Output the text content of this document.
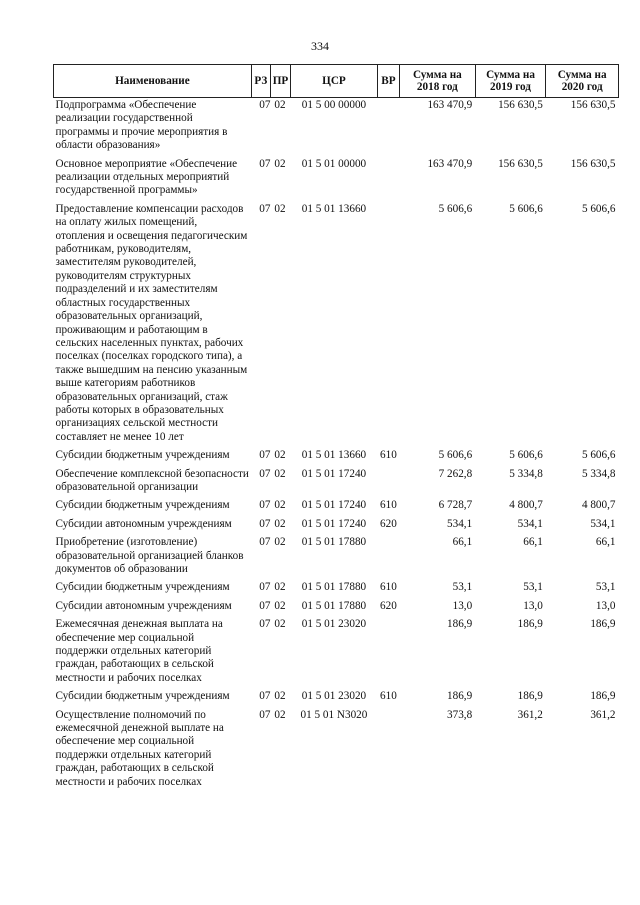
334
Наименование	РЗ	ПР	ЦСР	ВР	Сумма на 2018 год	Сумма на 2019 год	Сумма на 2020 год
Подпрограмма «Обеспечение реализации государственной программы и прочие мероприятия в области образования»	07	02	01 5 00 00000		163 470,9	156 630,5	156 630,5
Основное мероприятие «Обеспечение реализации отдельных мероприятий государственной программы»	07	02	01 5 01 00000		163 470,9	156 630,5	156 630,5
Предоставление компенсации расходов на оплату жилых помещений, отопления и освещения педагогическим работникам, руководителям, заместителям руководителей, руководителям структурных подразделений и их заместителям областных государственных образовательных организаций, проживающим и работающим в сельских населенных пунктах, рабочих поселках (поселках городского типа), а также вышедшим на пенсию указанным выше категориям работников образовательных организаций, стаж работы которых в образовательных организациях сельской местности составляет не менее 10 лет	07	02	01 5 01 13660		5 606,6	5 606,6	5 606,6
Субсидии бюджетным учреждениям	07	02	01 5 01 13660	610	5 606,6	5 606,6	5 606,6
Обеспечение комплексной безопасности образовательной организации	07	02	01 5 01 17240		7 262,8	5 334,8	5 334,8
Субсидии бюджетным учреждениям	07	02	01 5 01 17240	610	6 728,7	4 800,7	4 800,7
Субсидии автономным учреждениям	07	02	01 5 01 17240	620	534,1	534,1	534,1
Приобретение (изготовление) образовательной организацией бланков документов об образовании	07	02	01 5 01 17880		66,1	66,1	66,1
Субсидии бюджетным учреждениям	07	02	01 5 01 17880	610	53,1	53,1	53,1
Субсидии автономным учреждениям	07	02	01 5 01 17880	620	13,0	13,0	13,0
Ежемесячная денежная выплата на обеспечение мер социальной поддержки отдельных категорий граждан, работающих в сельской местности и рабочих поселках	07	02	01 5 01 23020		186,9	186,9	186,9
Субсидии бюджетным учреждениям	07	02	01 5 01 23020	610	186,9	186,9	186,9
Осуществление полномочий по ежемесячной денежной выплате на обеспечение мер социальной поддержки отдельных категорий граждан, работающих в сельской местности и рабочих поселках	07	02	01 5 01 N3020		373,8	361,2	361,2
